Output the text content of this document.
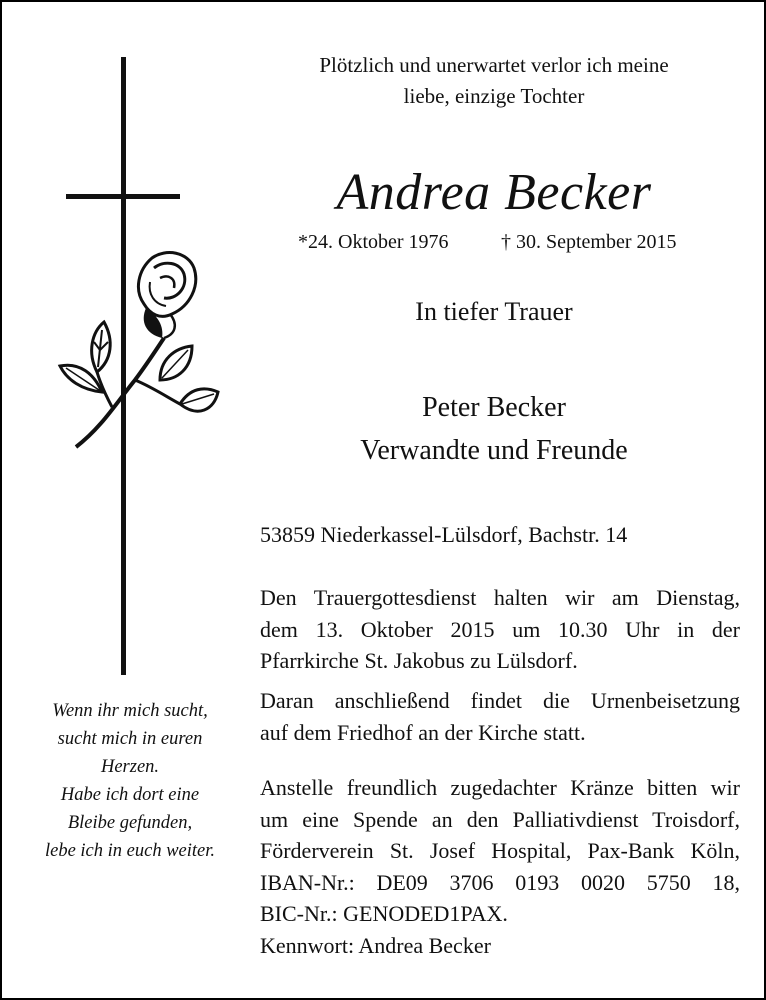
Plötzlich und unerwartet verlor ich meine
liebe, einzige Tochter
Andrea Becker
*24. Oktober 1976	† 30. September 2015
In tiefer Trauer
Peter Becker
Verwandte und Freunde
53859 Niederkassel-Lülsdorf, Bachstr. 14
Den Trauergottesdienst halten wir am Dienstag,
dem 13. Oktober 2015 um 10.30 Uhr in der
Pfarrkirche St. Jakobus zu Lülsdorf.
Daran anschließend findet die Urnenbeisetzung
auf dem Friedhof an der Kirche statt.
Anstelle freundlich zugedachter Kränze bitten wir
um eine Spende an den Palliativdienst Troisdorf,
Förderverein St. Josef Hospital, Pax-Bank Köln,
IBAN-Nr.: DE09 3706 0193 0020 5750 18,
BIC-Nr.: GENODED1PAX.
Kennwort: Andrea Becker
Wenn ihr mich sucht,
sucht mich in euren
Herzen.
Habe ich dort eine
Bleibe gefunden,
lebe ich in euch weiter.
